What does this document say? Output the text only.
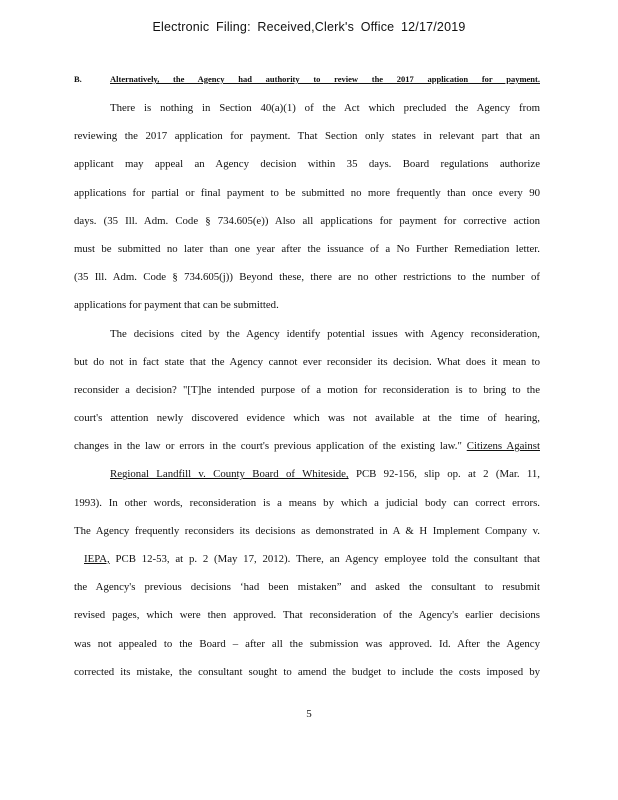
Electronic Filing: Received,Clerk's Office 12/17/2019
B.	Alternatively, the Agency had authority to review the 2017 application for payment.
There is nothing in Section 40(a)(1) of the Act which precluded the Agency from
reviewing the 2017 application for payment. That Section only states in relevant part that an
applicant may appeal an Agency decision within 35 days. Board regulations authorize
applications for partial or final payment to be submitted no more frequently than once every 90
days. (35 Ill. Adm. Code § 734.605(e)) Also all applications for payment for corrective action
must be submitted no later than one year after the issuance of a No Further Remediation letter.
(35 Ill. Adm. Code § 734.605(j)) Beyond these, there are no other restrictions to the number of
applications for payment that can be submitted.
The decisions cited by the Agency identify potential issues with Agency reconsideration,
but do not in fact state that the Agency cannot ever reconsider its decision. What does it mean to
reconsider a decision? "[T]he intended purpose of a motion for reconsideration is to bring to the
court's attention newly discovered evidence which was not available at the time of hearing,
changes in the law or errors in the court's previous application of the existing law." Citizens Against
Regional Landfill v. County Board of Whiteside, PCB 92-156, slip op. at 2 (Mar. 11,
1993). In other words, reconsideration is a means by which a judicial body can correct errors.
The Agency frequently reconsiders its decisions as demonstrated in A & H Implement Company v.
IEPA, PCB 12-53, at p. 2 (May 17, 2012). There, an Agency employee told the consultant that
the Agency's previous decisions ‘had been mistaken” and asked the consultant to resubmit
revised pages, which were then approved. That reconsideration of the Agency's earlier decisions
was not appealed to the Board – after all the submission was approved. Id. After the Agency
corrected its mistake, the consultant sought to amend the budget to include the costs imposed by
5
